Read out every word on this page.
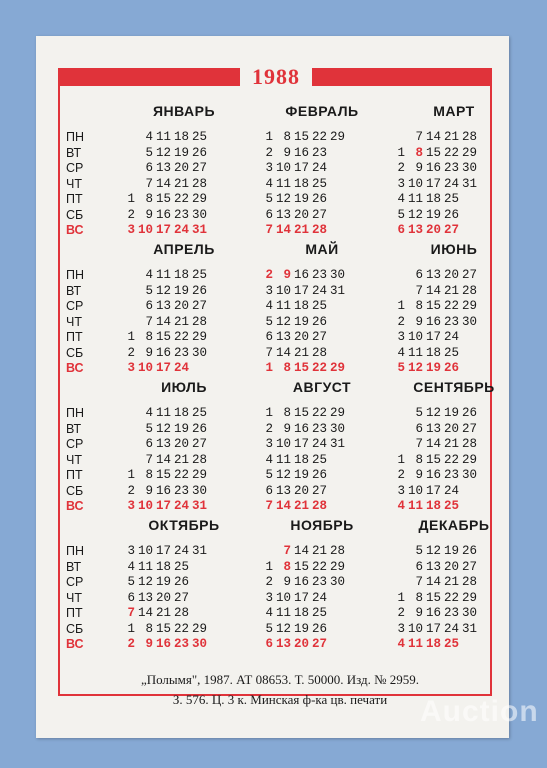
1988
ПН
ВТ
СР
ЧТ
ПТ
СБ
ВС
ЯНВАРЬ
4 11 18 25
5 12 19 26
6 13 20 27
7 14 21 28
1 8 15 22 29
2 9 16 23 30
3 10 17 24 31
ФЕВРАЛЬ
1 8 15 22 29
2 9 16 23
3 10 17 24
4 11 18 25
5 12 19 26
6 13 20 27
7 14 21 28
МАРТ
7 14 21 28
1 8 15 22 29
2 9 16 23 30
3 10 17 24 31
4 11 18 25
5 12 19 26
6 13 20 27
ПН
ВТ
СР
ЧТ
ПТ
СБ
ВС
АПРЕЛЬ
4 11 18 25
5 12 19 26
6 13 20 27
7 14 21 28
1 8 15 22 29
2 9 16 23 30
3 10 17 24
МАЙ
2 9 16 23 30
3 10 17 24 31
4 11 18 25
5 12 19 26
6 13 20 27
7 14 21 28
1 8 15 22 29
ИЮНЬ
6 13 20 27
7 14 21 28
1 8 15 22 29
2 9 16 23 30
3 10 17 24
4 11 18 25
5 12 19 26
ПН
ВТ
СР
ЧТ
ПТ
СБ
ВС
ИЮЛЬ
4 11 18 25
5 12 19 26
6 13 20 27
7 14 21 28
1 8 15 22 29
2 9 16 23 30
3 10 17 24 31
АВГУСТ
1 8 15 22 29
2 9 16 23 30
3 10 17 24 31
4 11 18 25
5 12 19 26
6 13 20 27
7 14 21 28
СЕНТЯБРЬ
5 12 19 26
6 13 20 27
7 14 21 28
1 8 15 22 29
2 9 16 23 30
3 10 17 24
4 11 18 25
ПН
ВТ
СР
ЧТ
ПТ
СБ
ВС
ОКТЯБРЬ
3 10 17 24 31
4 11 18 25
5 12 19 26
6 13 20 27
7 14 21 28
1 8 15 22 29
2 9 16 23 30
НОЯБРЬ
7 14 21 28
1 8 15 22 29
2 9 16 23 30
3 10 17 24
4 11 18 25
5 12 19 26
6 13 20 27
ДЕКАБРЬ
5 12 19 26
6 13 20 27
7 14 21 28
1 8 15 22 29
2 9 16 23 30
3 10 17 24 31
4 11 18 25
„Полымя", 1987. АТ 08653. Т. 50000. Изд. № 2959.
З. 576. Ц. 3 к. Минская ф-ка цв. печати	Auction
